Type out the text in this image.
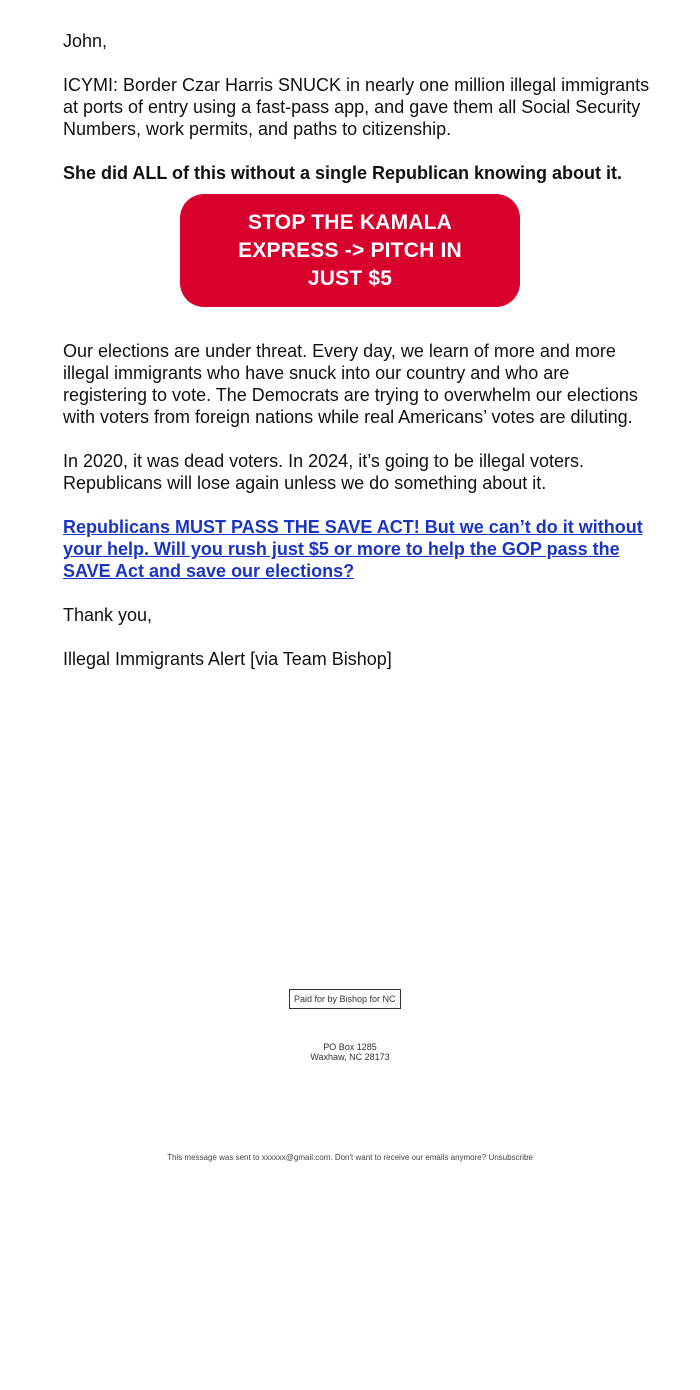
John,

ICYMI: Border Czar Harris SNUCK in nearly one million illegal immigrants at ports of entry using a fast-pass app, and gave them all Social Security Numbers, work permits, and paths to citizenship.

She did ALL of this without a single Republican knowing about it.

STOP THE KAMALA EXPRESS -> PITCH IN JUST $5

Our elections are under threat. Every day, we learn of more and more illegal immigrants who have snuck into our country and who are registering to vote. The Democrats are trying to overwhelm our elections with voters from foreign nations while real Americans’ votes are diluting.

In 2020, it was dead voters. In 2024, it’s going to be illegal voters. Republicans will lose again unless we do something about it.

Republicans MUST PASS THE SAVE ACT! But we can’t do it without your help. Will you rush just $5 or more to help the GOP pass the SAVE Act and save our elections?

Thank you,

Illegal Immigrants Alert [via Team Bishop]

Paid for by Bishop for NC
PO Box 1285
Waxhaw, NC 28173
This message was sent to xxxxxx@gmail.com. Don't want to receive our emails anymore? Unsubscribe
